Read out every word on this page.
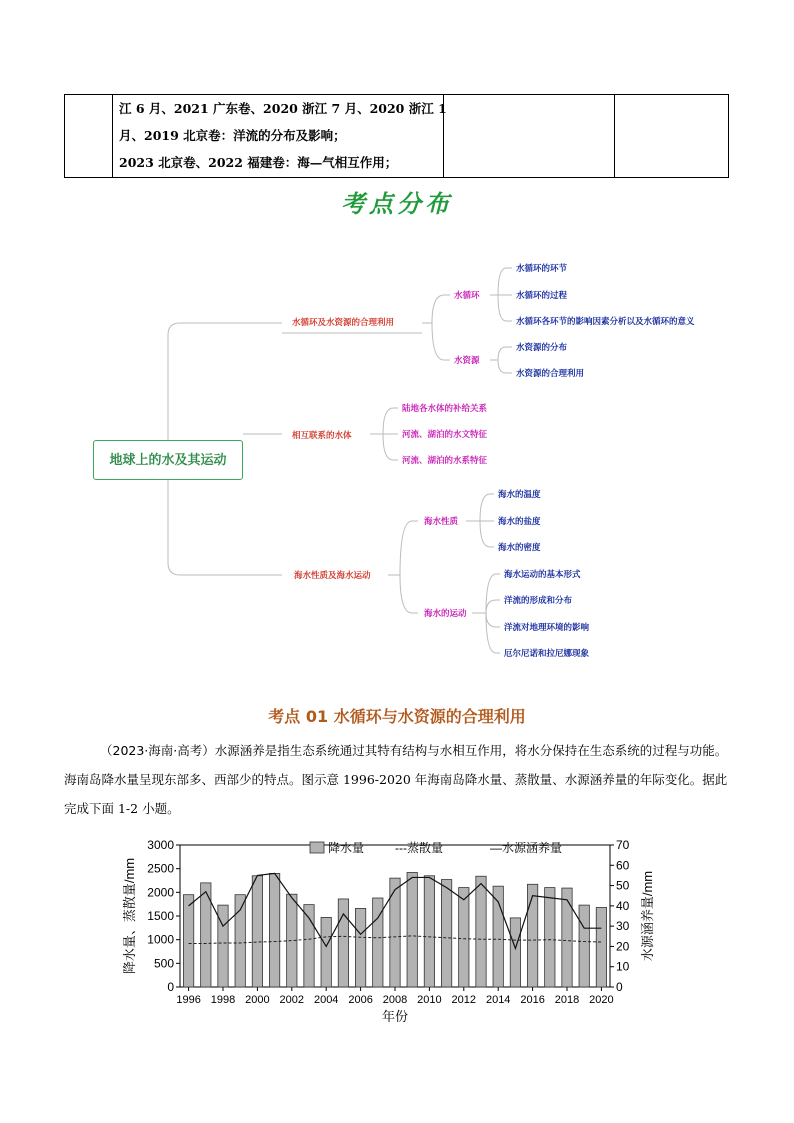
江 6 月、2021 广东卷、2020 浙江 7 月、2020 浙江 1
月、2019 北京卷：洋流的分布及影响；
2023 北京卷、2022 福建卷：海—气相互作用；
考点分布
地球上的水及其运动
水循环及水资源的合理利用
水循环
水资源
水循环的环节
水循环的过程
水循环各环节的影响因素分析以及水循环的意义
水资源的分布
水资源的合理利用
相互联系的水体
陆地各水体的补给关系
河流、湖泊的水文特征
河流、湖泊的水系特征
海水性质及海水运动
海水性质
海水的运动
海水的温度
海水的盐度
海水的密度
海水运动的基本形式
洋流的形成和分布
洋流对地理环境的影响
厄尔尼诺和拉尼娜现象
考点 01 水循环与水资源的合理利用
（2023·海南·高考）水源涵养是指生态系统通过其特有结构与水相互作用，将水分保持在生态系统的过程与功能。海南岛降水量呈现东部多、西部少的特点。图示意 1996-2020 年海南岛降水量、蒸散量、水源涵养量的年际变化。据此完成下面 1-2 小题。
0
500
1000
1500
2000
2500
3000
0
10
20
30
40
50
60
70
1996 1998 2000 2002 2004 2006 2008 2010 2012 2014 2016 2018 2020
降水量	---蒸散量	—水源涵养量
年份
降水量、蒸散量/mm	水源涵养量/mm
